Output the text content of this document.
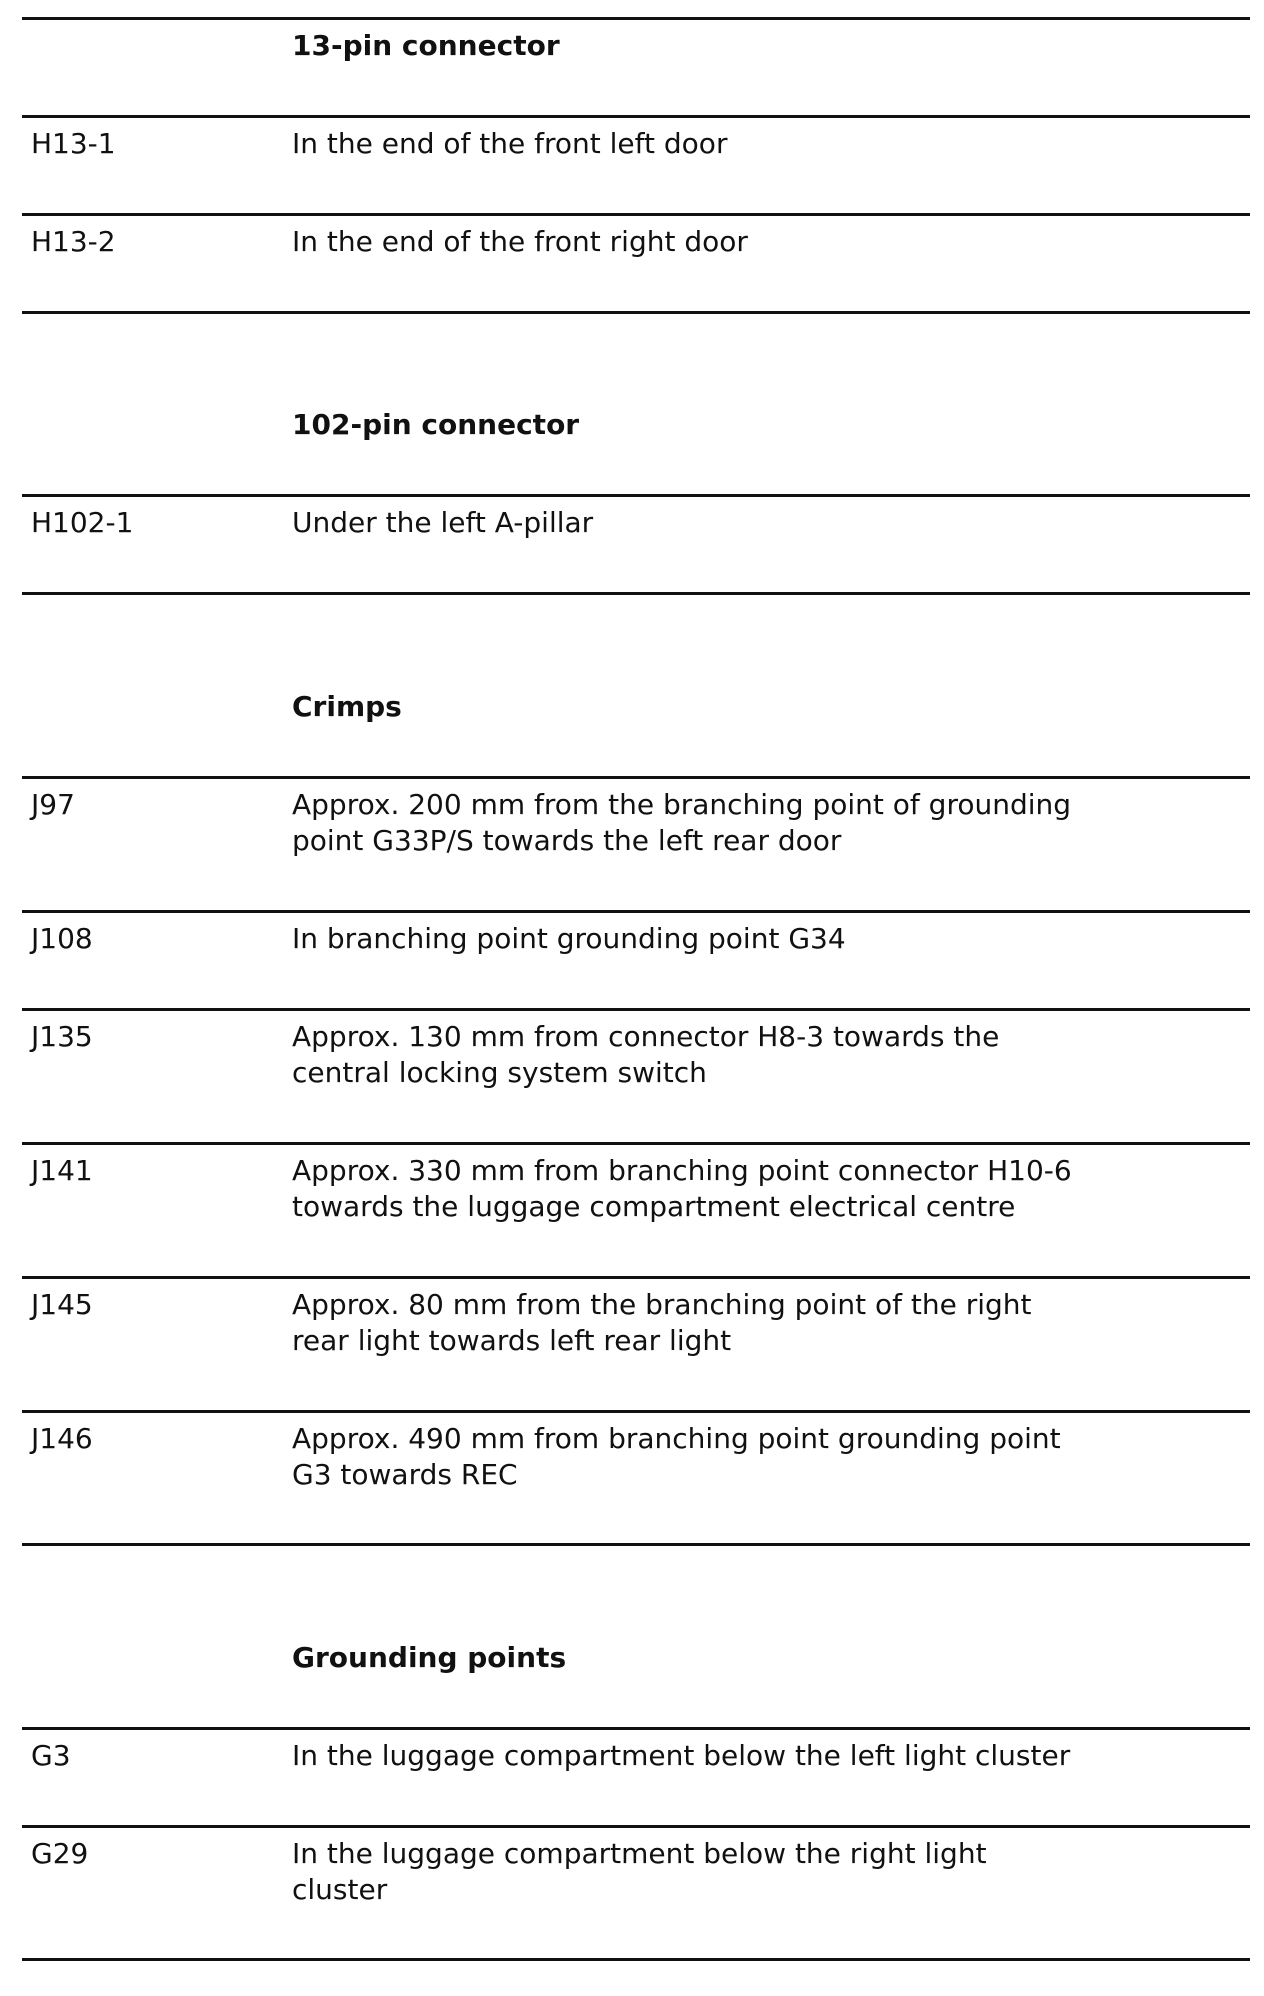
13-pin connector
H13-1	In the end of the front left door
H13-2	In the end of the front right door
102-pin connector
H102-1	Under the left A-pillar
Crimps
J97	Approx. 200 mm from the branching point of grounding
point G33P/S towards the left rear door
J108	In branching point grounding point G34
J135	Approx. 130 mm from connector H8-3 towards the
central locking system switch
J141	Approx. 330 mm from branching point connector H10-6
towards the luggage compartment electrical centre
J145	Approx. 80 mm from the branching point of the right
rear light towards left rear light
J146	Approx. 490 mm from branching point grounding point
G3 towards REC
Grounding points
G3	In the luggage compartment below the left light cluster
G29	In the luggage compartment below the right light
cluster
